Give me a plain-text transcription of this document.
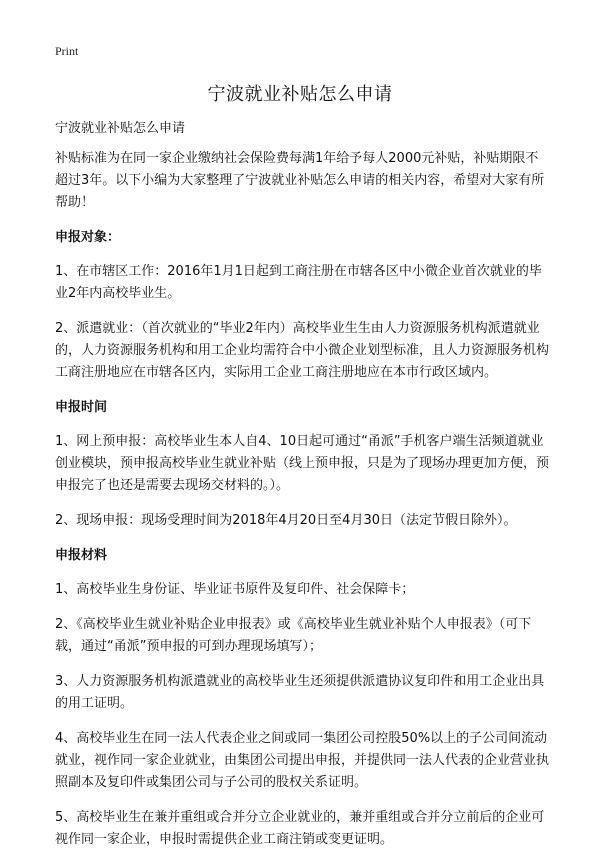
Print
宁波就业补贴怎么申请

宁波就业补贴怎么申请

补贴标准为在同一家企业缴纳社会保险费每满1年给予每人2000元补贴，补贴期限不超过3年。以下小编为大家整理了宁波就业补贴怎么申请的相关内容，希望对大家有所帮助！

申报对象：

1、在市辖区工作：2016年1月1日起到工商注册在市辖各区中小微企业首次就业的毕业2年内高校毕业生。

2、派遣就业：（首次就业的“毕业2年内）高校毕业生生由人力资源服务机构派遣就业的，人力资源服务机构和用工企业均需符合中小微企业划型标准，且人力资源服务机构工商注册地应在市辖各区内，实际用工企业工商注册地应在本市行政区域内。

申报时间

1、网上预申报：高校毕业生本人自4、10日起可通过“甬派”手机客户端生活频道就业创业模块，预申报高校毕业生就业补贴（线上预申报，只是为了现场办理更加方便，预申报完了也还是需要去现场交材料的。）。

2、现场申报：现场受理时间为2018年4月20日至4月30日（法定节假日除外）。

申报材料

1、高校毕业生身份证、毕业证书原件及复印件、社会保障卡；

2、《高校毕业生就业补贴企业申报表》或《高校毕业生就业补贴个人申报表》（可下载，通过“甬派”预申报的可到办理现场填写）；

3、人力资源服务机构派遣就业的高校毕业生还须提供派遣协议复印件和用工企业出具的用工证明。

4、高校毕业生在同一法人代表企业之间或同一集团公司控股50%以上的子公司间流动就业，视作同一家企业就业，由集团公司提出申报，并提供同一法人代表的企业营业执照副本及复印件或集团公司与子公司的股权关系证明。

5、高校毕业生在兼并重组或合并分立企业就业的，兼并重组或合并分立前后的企业可视作同一家企业，申报时需提供企业工商注销或变更证明。
